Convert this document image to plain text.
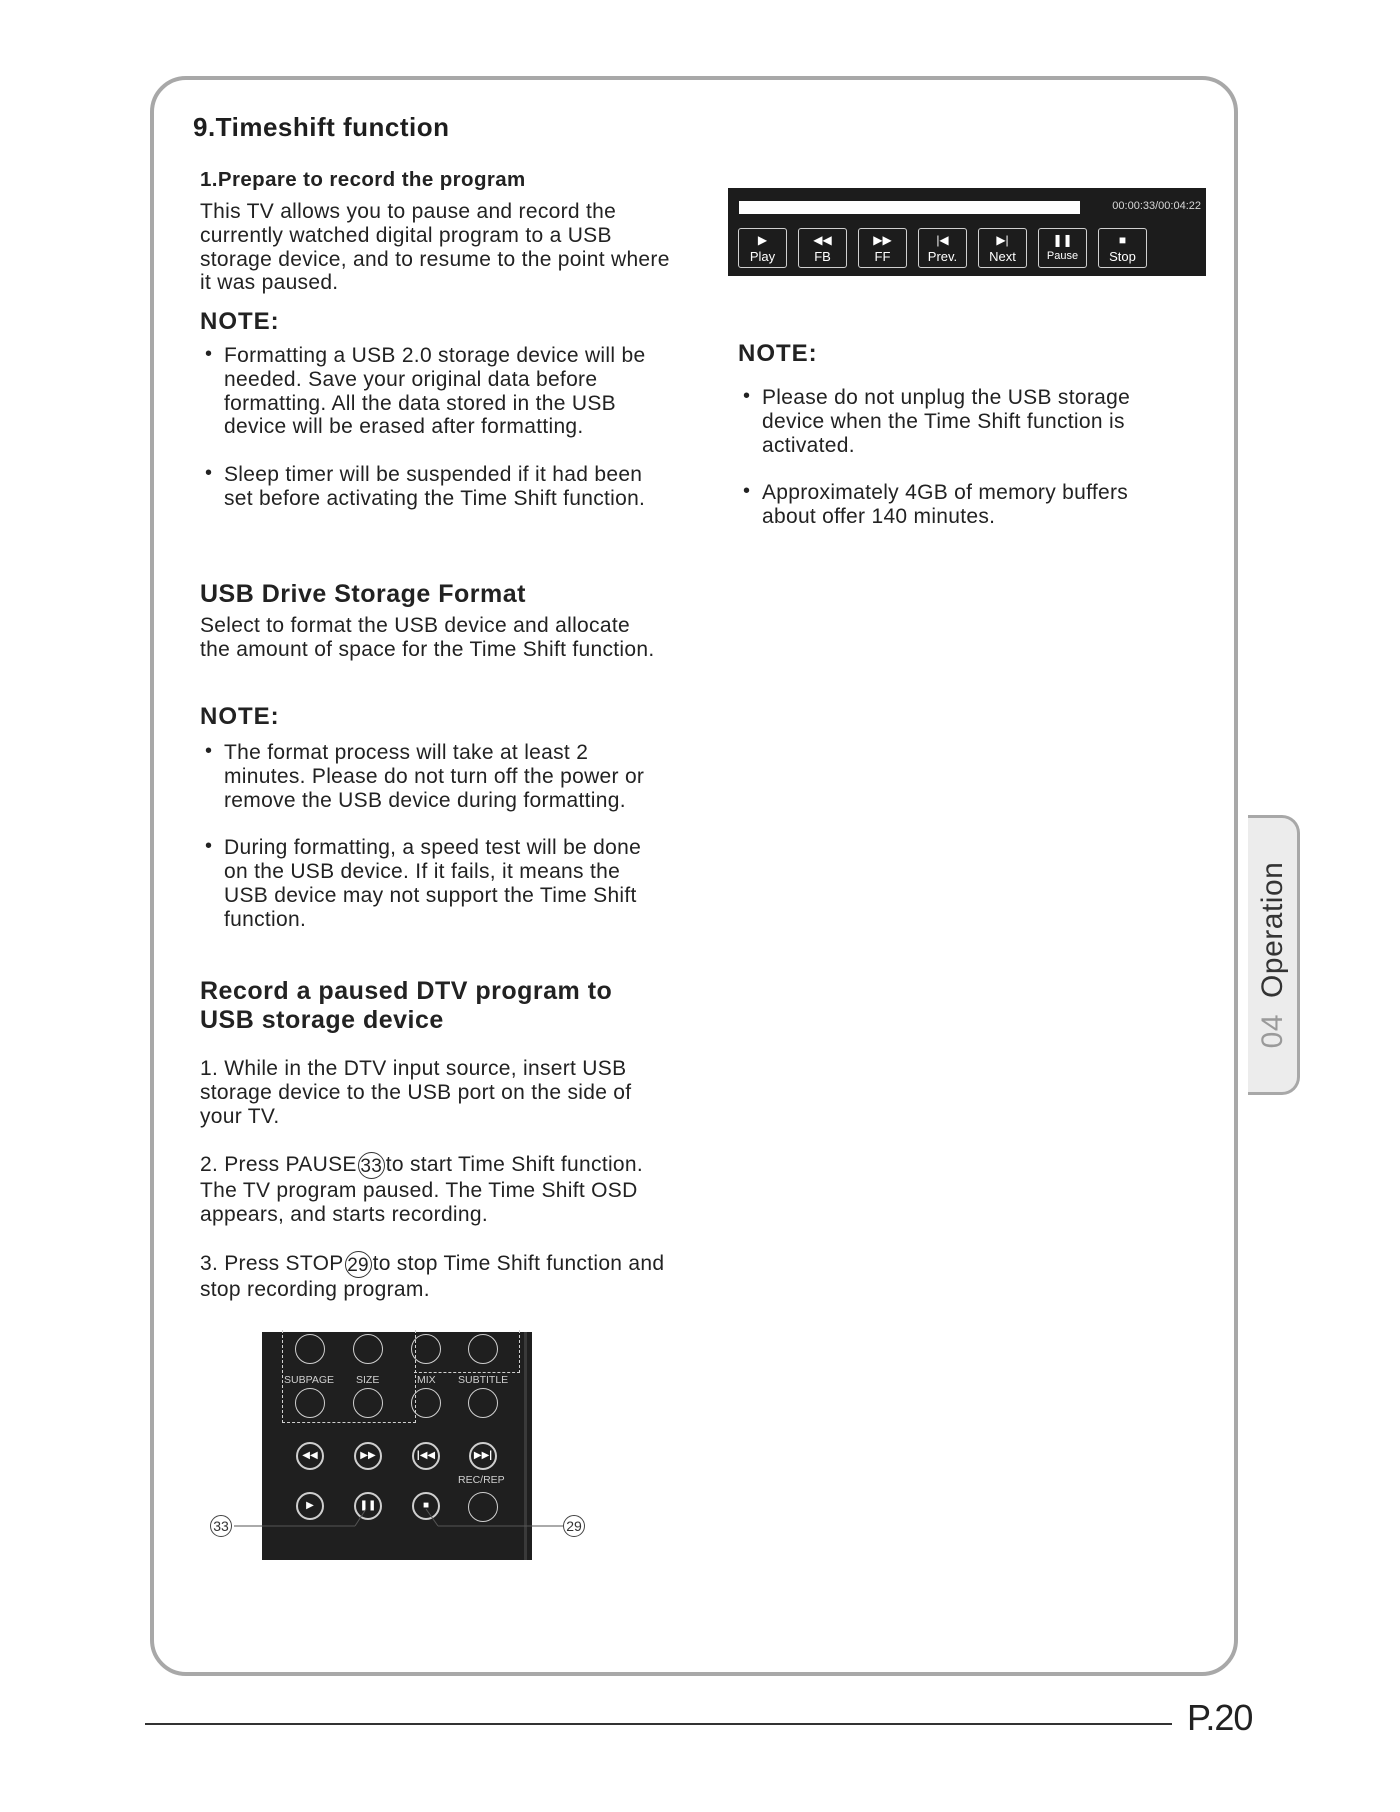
9.Timeshift function
1.Prepare to record the program

This TV allows you to pause and record the currently watched digital program to a USB storage device, and to resume to the point where it was paused.

NOTE:
• Formatting a USB 2.0 storage device will be needed. Save your original data before formatting. All the data stored in the USB device will be erased after formatting.
• Sleep timer will be suspended if it had been set before activating the Time Shift function.
USB Drive Storage Format

Select to format the USB device and allocate the amount of space for the Time Shift function.

NOTE:
• The format process will take at least 2 minutes. Please do not turn off the power or remove the USB device during formatting.
• During formatting, a speed test will be done on the USB device. If it fails, it means the USB device may not support the Time Shift function.
Record a paused DTV program to USB storage device

1. While in the DTV input source, insert USB storage device to the USB port on the side of your TV.

2. Press PAUSE 33 to start Time Shift function. The TV program paused. The Time Shift OSD appears, and starts recording.

3. Press STOP 29 to stop Time Shift function and stop recording program.

00:00:33/00:04:22
▶
Play
◀◀
FB
▶▶
FF
|◀
Prev.
▶|
Next
❚❚
Pause
■
Stop
NOTE:
• Please do not unplug the USB storage device when the Time Shift function is activated.
• Approximately 4GB of memory buffers about offer 140 minutes.
SUBPAGE SIZE	MIX SUBTITLE
◀◀	▶▶	|◀◀	▶▶|
REC/REP
▶	❚❚	■
33	29
04Operation
P.20
